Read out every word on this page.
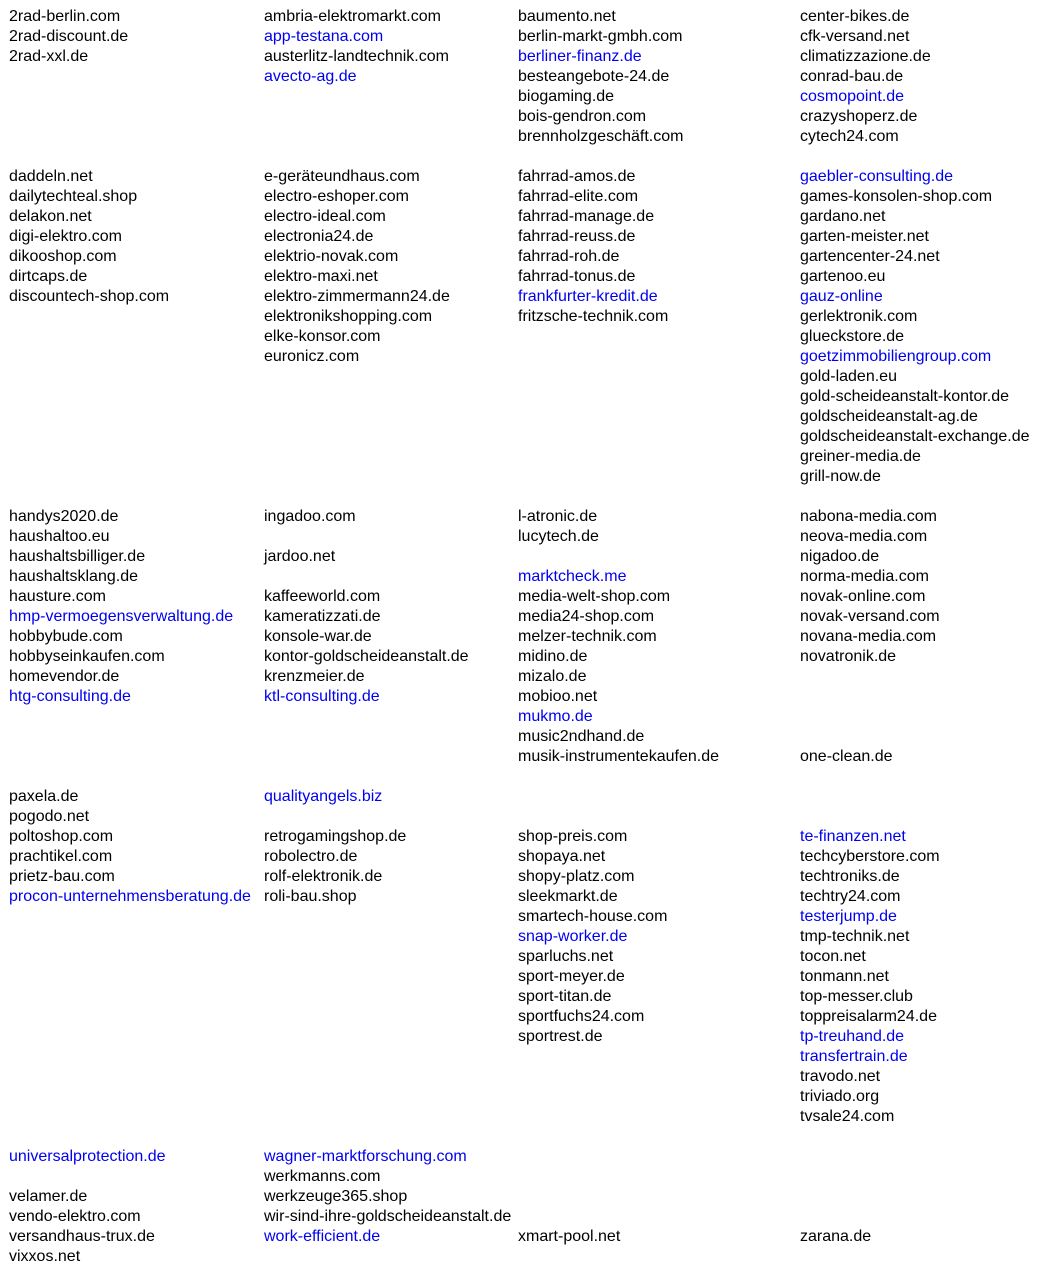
2rad-berlin.com
2rad-discount.de
2rad-xxl.de
ambria-elektromarkt.com
app-testana.com
austerlitz-landtechnik.com
avecto-ag.de
baumento.net
berlin-markt-gmbh.com
berliner-finanz.de
besteangebote-24.de
biogaming.de
bois-gendron.com
brennholzgeschäft.com
center-bikes.de
cfk-versand.net
climatizzazione.de
conrad-bau.de
cosmopoint.de
crazyshoperz.de
cytech24.com
daddeln.net
dailytechteal.shop
delakon.net
digi-elektro.com
dikooshop.com
dirtcaps.de
discountech-shop.com
e-geräteundhaus.com
electro-eshoper.com
electro-ideal.com
electronia24.de
elektrio-novak.com
elektro-maxi.net
elektro-zimmermann24.de
elektronikshopping.com
elke-konsor.com
euronicz.com
fahrrad-amos.de
fahrrad-elite.com
fahrrad-manage.de
fahrrad-reuss.de
fahrrad-roh.de
fahrrad-tonus.de
frankfurter-kredit.de
fritzsche-technik.com
gaebler-consulting.de
games-konsolen-shop.com
gardano.net
garten-meister.net
gartencenter-24.net
gartenoo.eu
gauz-online
gerlektronik.com
glueckstore.de
goetzimmobiliengroup.com
gold-laden.eu
gold-scheideanstalt-kontor.de
goldscheideanstalt-ag.de
goldscheideanstalt-exchange.de
greiner-media.de
grill-now.de
handys2020.de
haushaltoo.eu
haushaltsbilliger.de
haushaltsklang.de
hausture.com
hmp-vermoegensverwaltung.de
hobbybude.com
hobbyseinkaufen.com
homevendor.de
htg-consulting.de
ingadoo.com
jardoo.net
kaffeeworld.com
kameratizzati.de
konsole-war.de
kontor-goldscheideanstalt.de
krenzmeier.de
ktl-consulting.de
l-atronic.de
lucytech.de
marktcheck.me
media-welt-shop.com
media24-shop.com
melzer-technik.com
midino.de
mizalo.de
mobioo.net
mukmo.de
music2ndhand.de
musik-instrumentekaufen.de
nabona-media.com
neova-media.com
nigadoo.de
norma-media.com
novak-online.com
novak-versand.com
novana-media.com
novatronik.de
one-clean.de
paxela.de
pogodo.net
poltoshop.com
prachtikel.com
prietz-bau.com
procon-unternehmensberatung.de
qualityangels.biz
retrogamingshop.de
robolectro.de
rolf-elektronik.de
roli-bau.shop
shop-preis.com
shopaya.net
shopy-platz.com
sleekmarkt.de
smartech-house.com
snap-worker.de
sparluchs.net
sport-meyer.de
sport-titan.de
sportfuchs24.com
sportrest.de
te-finanzen.net
techcyberstore.com
techtroniks.de
techtry24.com
testerjump.de
tmp-technik.net
tocon.net
tonmann.net
top-messer.club
toppreisalarm24.de
tp-treuhand.de
transfertrain.de
travodo.net
triviado.org
tvsale24.com
universalprotection.de
velamer.de
vendo-elektro.com
versandhaus-trux.de
vixxos.net
wagner-marktforschung.com
werkmanns.com
werkzeuge365.shop
wir-sind-ihre-goldscheideanstalt.de
work-efficient.de	xmart-pool.net	zarana.de
